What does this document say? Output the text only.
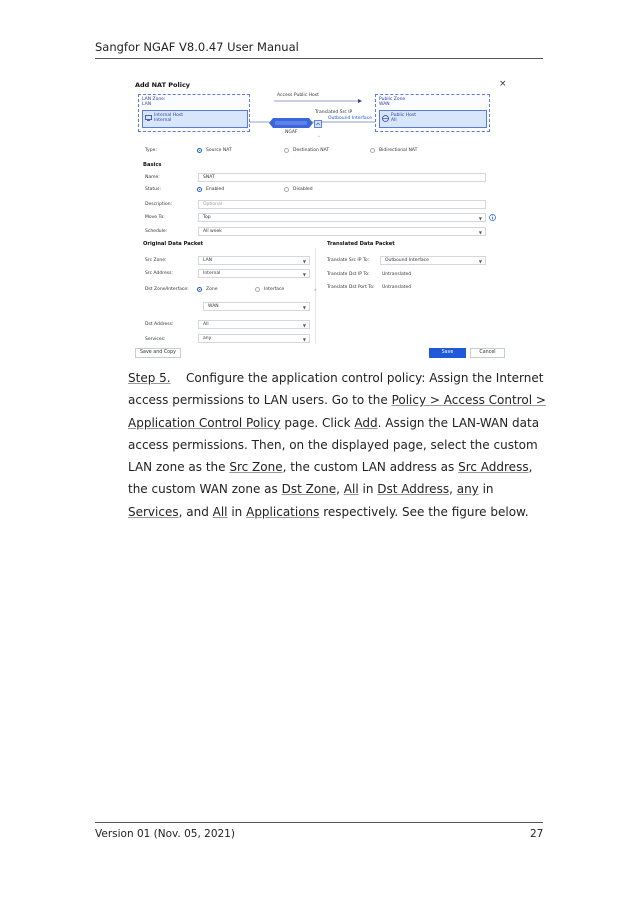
Sangfor NGAF V8.0.47 User Manual
Add NAT Policy	×
LAN Zone:
LAN
Internal Host
Internal
Access Public Host
Translated Src IP
Outbound Interface
NGAF
^
Public Zone
WAN
Public Host
All
Type:	Source NAT	Destination NAT	Bidirectional NAT
Basics
Name:	SNAT
Status:	Enabled	Disabled
Description:	Optional
Move To:	Top	▼
Schedule:	All week	▼
Original Data Packet	Translated Data Packet
»
Src Zone:	LAN	▼
Src Address:	Internal	▼
Dst Zone/Interface:	Zone	Interface
WAN	▼
Dst Address:	All	▼
Services:	any	▼
Translate Src IP To:	Outbound Interface	▼
Translate Dst IP To:	Untranslated
Translate Dst Port To: Untranslated
Save and Copy	Save	Cancel
Step 5. Configure the application control policy: Assign the Internet access permissions to LAN users. Go to the Policy > Access Control > Application Control Policy page. Click Add. Assign the LAN-WAN data access permissions. Then, on the displayed page, select the custom LAN zone as the Src Zone, the custom LAN address as Src Address, the custom WAN zone as Dst Zone, All in Dst Address, any in Services, and All in Applications respectively. See the figure below.
Version 01 (Nov. 05, 2021)	27
